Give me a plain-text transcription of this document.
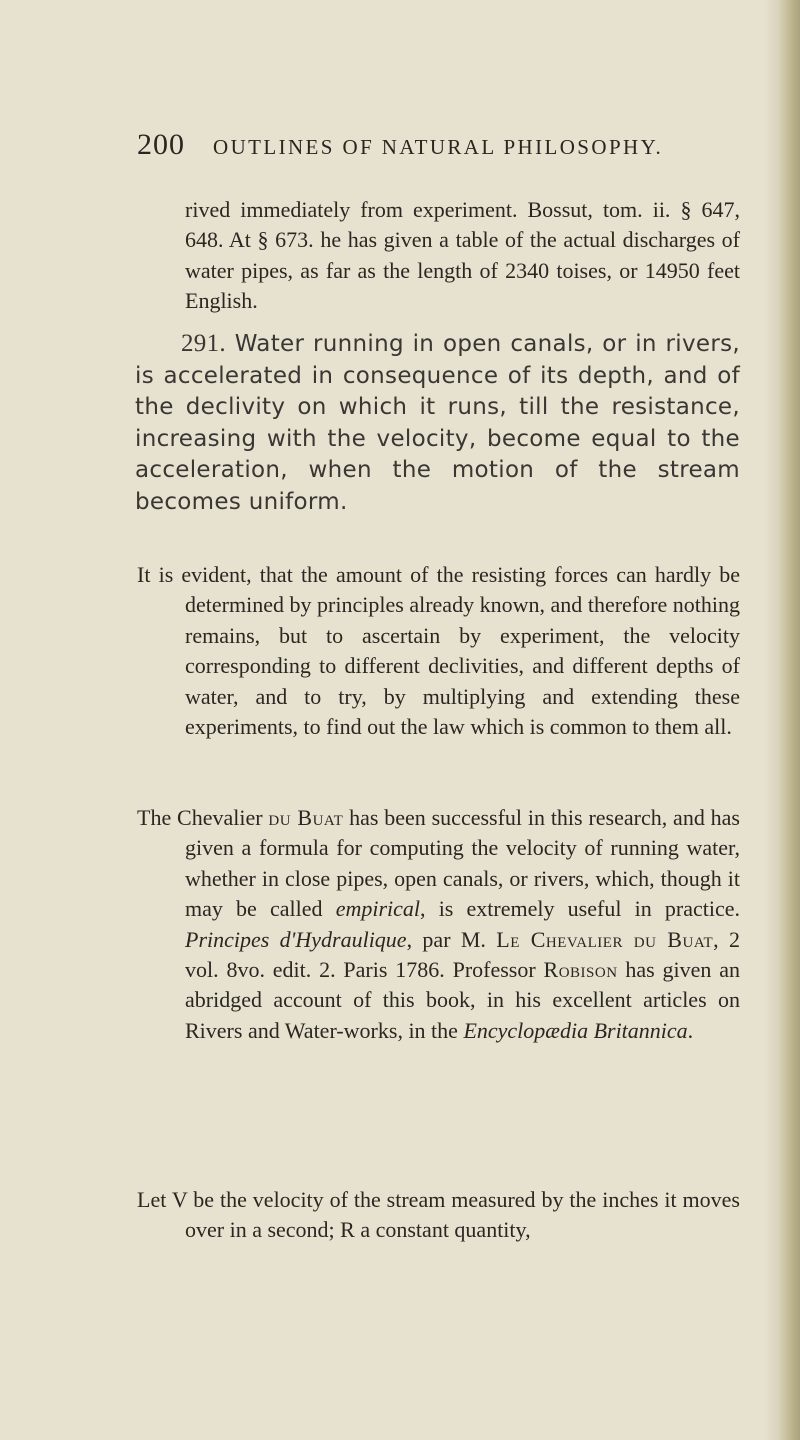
200 OUTLINES OF NATURAL PHILOSOPHY.

rived immediately from experiment. Bossut, tom. ii. § 647, 648. At § 673. he has given a table of the actual discharges of water pipes, as far as the length of 2340 toises, or 14950 feet English.

291. Water running in open canals, or in rivers, is accelerated in consequence of its depth, and of the declivity on which it runs, till the resistance, increasing with the velocity, become equal to the acceleration, when the motion of the stream becomes uniform.

It is evident, that the amount of the resisting forces can hardly be determined by principles already known, and therefore nothing remains, but to ascertain by experiment, the velocity corresponding to different declivities, and different depths of water, and to try, by multiplying and extending these experiments, to find out the law which is common to them all.

The Chevalier du Buat has been successful in this research, and has given a formula for computing the velocity of running water, whether in close pipes, open canals, or rivers, which, though it may be called empirical, is extremely useful in practice. Principes d'Hydraulique, par M. Le Chevalier du Buat, 2 vol. 8vo. edit. 2. Paris 1786. Professor Robison has given an abridged account of this book, in his excellent articles on Rivers and Water-works, in the Encyclopædia Britannica.

Let V be the velocity of the stream measured by the inches it moves over in a second; R a constant quantity,
